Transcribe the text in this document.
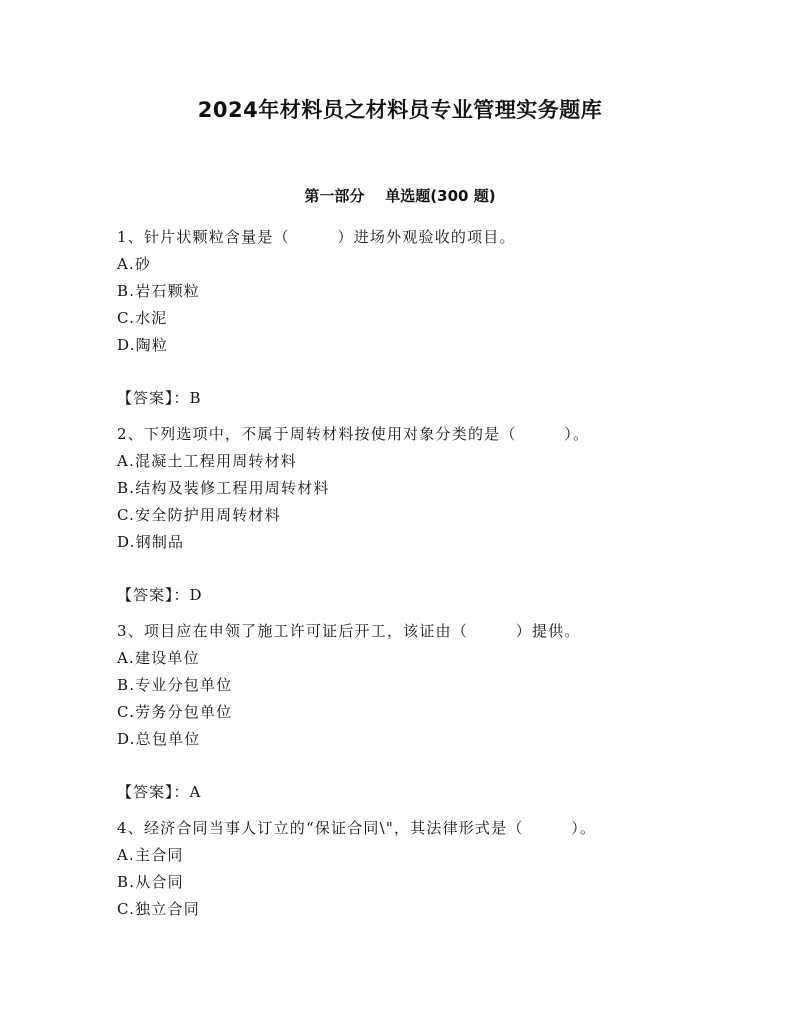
2024年材料员之材料员专业管理实务题库
第一部分    单选题(300 题)
1、针片状颗粒含量是（        ）进场外观验收的项目。
A.砂
B.岩石颗粒
C.水泥
D.陶粒
【答案】：B
2、下列选项中，不属于周转材料按使用对象分类的是（        ）。
A.混凝土工程用周转材料
B.结构及装修工程用周转材料
C.安全防护用周转材料
D.钢制品
【答案】：D
3、项目应在申领了施工许可证后开工，该证由（        ）提供。
A.建设单位
B.专业分包单位
C.劳务分包单位
D.总包单位
【答案】：A
4、经济合同当事人订立的“保证合同\"，其法律形式是（        ）。
A.主合同
B.从合同
C.独立合同
